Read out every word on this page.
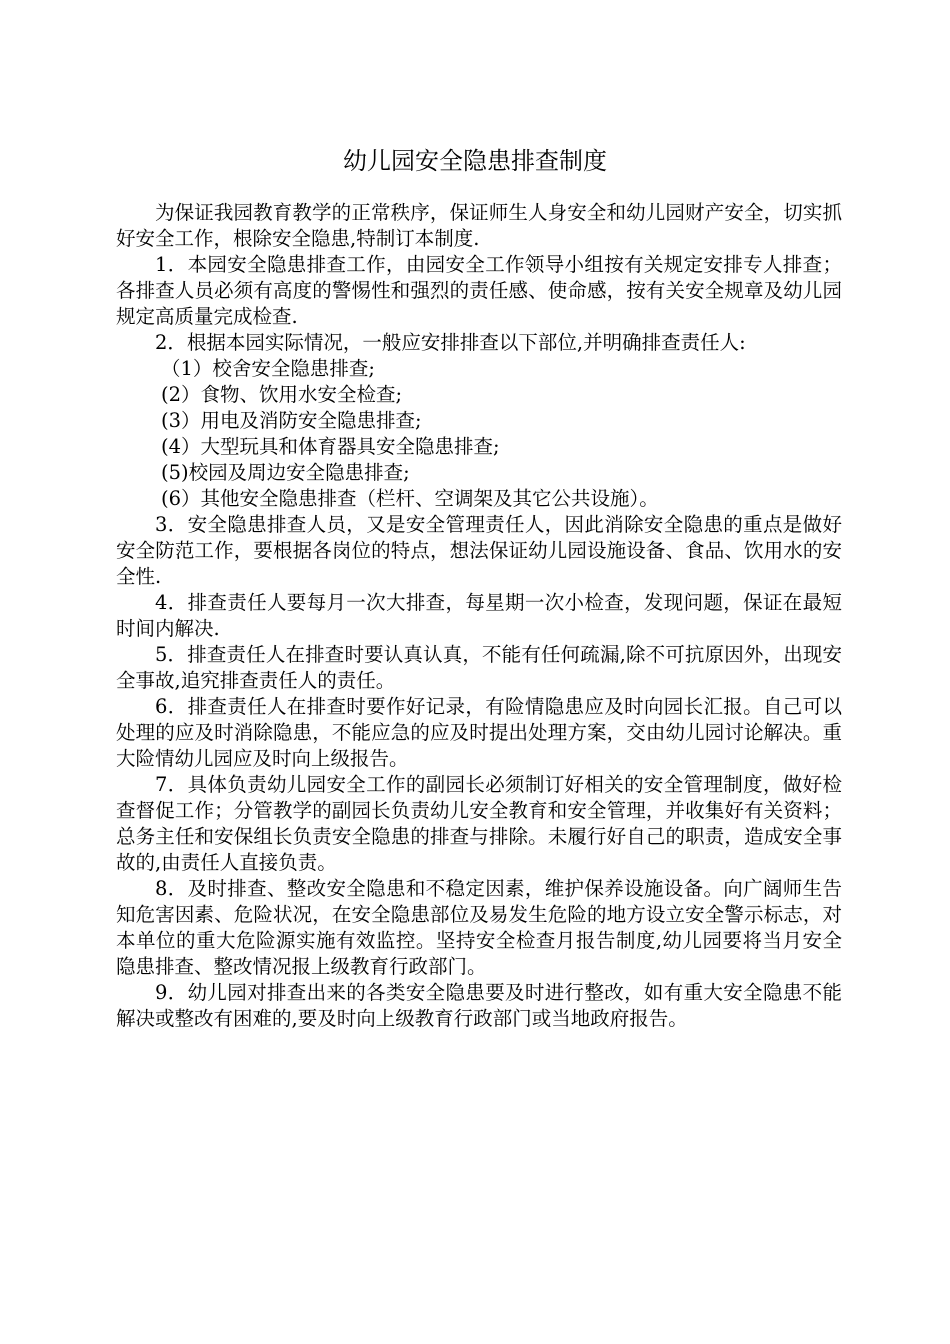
幼儿园安全隐患排查制度

为保证我园教育教学的正常秩序，保证师生人身安全和幼儿园财产安全，切实抓好安全工作，根除安全隐患,特制订本制度.

1．本园安全隐患排查工作，由园安全工作领导小组按有关规定安排专人排查；各排查人员必须有高度的警惕性和强烈的责任感、使命感，按有关安全规章及幼儿园规定高质量完成检查.

2．根据本园实际情况，一般应安排排查以下部位,并明确排查责任人:

（1）校舍安全隐患排查;

(2）食物、饮用水安全检查;

(3）用电及消防安全隐患排查;

(4）大型玩具和体育器具安全隐患排查;

(5)校园及周边安全隐患排查;

(6）其他安全隐患排查（栏杆、空调架及其它公共设施）。

3．安全隐患排查人员，又是安全管理责任人，因此消除安全隐患的重点是做好安全防范工作，要根据各岗位的特点，想法保证幼儿园设施设备、食品、饮用水的安全性.

4．排查责任人要每月一次大排查，每星期一次小检查，发现问题，保证在最短时间内解决.

5．排查责任人在排查时要认真认真，不能有任何疏漏,除不可抗原因外，出现安全事故,追究排查责任人的责任。

6．排查责任人在排查时要作好记录，有险情隐患应及时向园长汇报。自己可以处理的应及时消除隐患，不能应急的应及时提出处理方案，交由幼儿园讨论解决。重大险情幼儿园应及时向上级报告。

7．具体负责幼儿园安全工作的副园长必须制订好相关的安全管理制度，做好检查督促工作；分管教学的副园长负责幼儿安全教育和安全管理，并收集好有关资料；总务主任和安保组长负责安全隐患的排查与排除。未履行好自己的职责，造成安全事故的,由责任人直接负责。

8．及时排查、整改安全隐患和不稳定因素，维护保养设施设备。向广阔师生告知危害因素、危险状况，在安全隐患部位及易发生危险的地方设立安全警示标志，对本单位的重大危险源实施有效监控。坚持安全检查月报告制度,幼儿园要将当月安全隐患排查、整改情况报上级教育行政部门。

9．幼儿园对排查出来的各类安全隐患要及时进行整改，如有重大安全隐患不能解决或整改有困难的,要及时向上级教育行政部门或当地政府报告。
